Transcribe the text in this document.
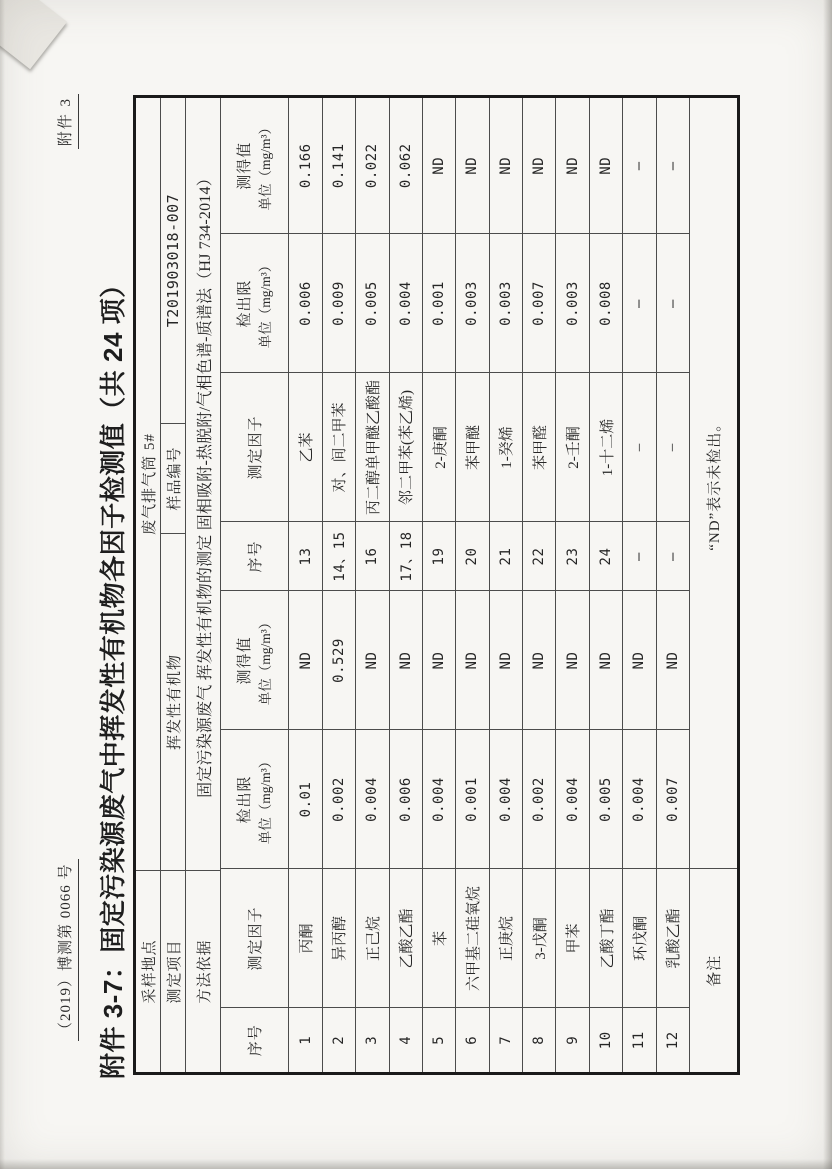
（2019）博测第 0066 号
附件 3
附件 3-7：固定污染源废气中挥发性有机物各因子检测值（共 24 项） 采样地点
废气排气筒 5#
测定项目
挥发性有机物
样品编号
T201903018-007
方法依据
固定污染源废气 挥发性有机物的测定 固相吸附-热脱附/气相色谱-质谱法（HJ 734-2014）
序号	测定因子	检出限	测得值	序号	测定因子	检出限	测得值
		单位（mg/m³）	单位（mg/m³）			单位（mg/m³）	单位（mg/m³）
1	丙酮	0.01	ND	13	乙苯	0.006	0.166
2	异丙醇	0.002	0.529	14、15	对、间二甲苯	0.009	0.141
3	正己烷	0.004	ND	16	丙二醇单甲醚乙酸酯	0.005	0.022
4	乙酸乙酯	0.006	ND	17、18	邻二甲苯(苯乙烯)	0.004	0.062
5	苯	0.004	ND	19	2-庚酮	0.001	ND
6	六甲基二硅氧烷	0.001	ND	20	苯甲醚	0.003	ND
7	正庚烷	0.004	ND	21	1-癸烯	0.003	ND
8	3-戊酮	0.002	ND	22	苯甲醛	0.007	ND
9	甲苯	0.004	ND	23	2-壬酮	0.003	ND
10	乙酸丁酯	0.005	ND	24	1-十二烯	0.008	ND
11	环戊酮	0.004	ND	–	–	–	–
12	乳酸乙酯	0.007	ND	–	–	–	–
备注		“ND”表示未检出。					
